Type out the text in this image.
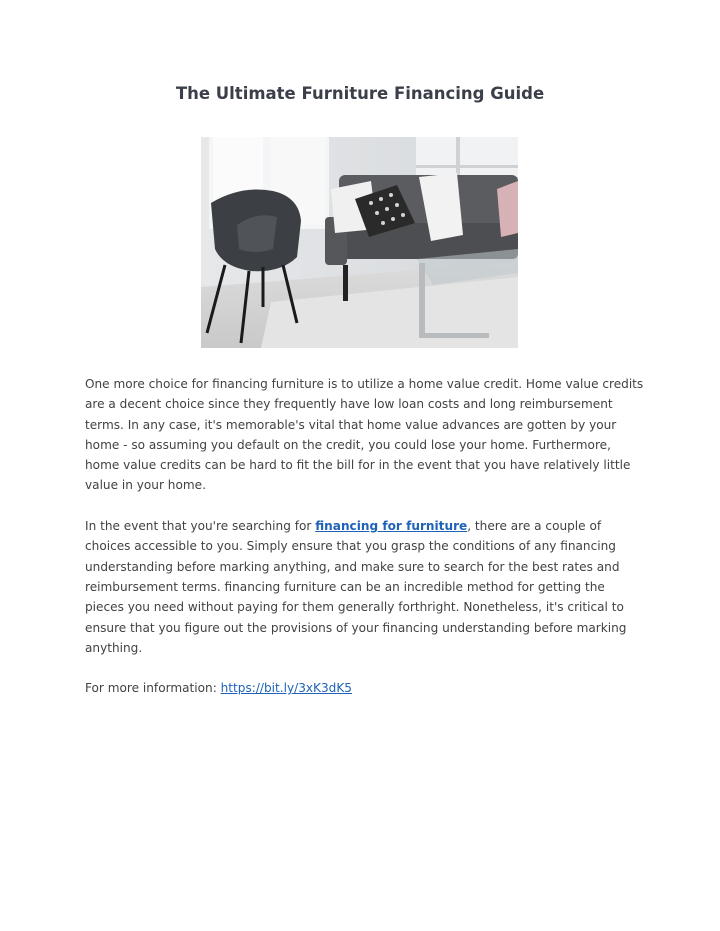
The Ultimate Furniture Financing Guide

One more choice for financing furniture is to utilize a home value credit. Home value credits are a decent choice since they frequently have low loan costs and long reimbursement terms. In any case, it's memorable's vital that home value advances are gotten by your home - so assuming you default on the credit, you could lose your home. Furthermore, home value credits can be hard to fit the bill for in the event that you have relatively little value in your home.

In the event that you're searching for financing for furniture, there are a couple of choices accessible to you. Simply ensure that you grasp the conditions of any financing understanding before marking anything, and make sure to search for the best rates and reimbursement terms. financing furniture can be an incredible method for getting the pieces you need without paying for them generally forthright. Nonetheless, it's critical to ensure that you figure out the provisions of your financing understanding before marking anything.

For more information: https://bit.ly/3xK3dK5
